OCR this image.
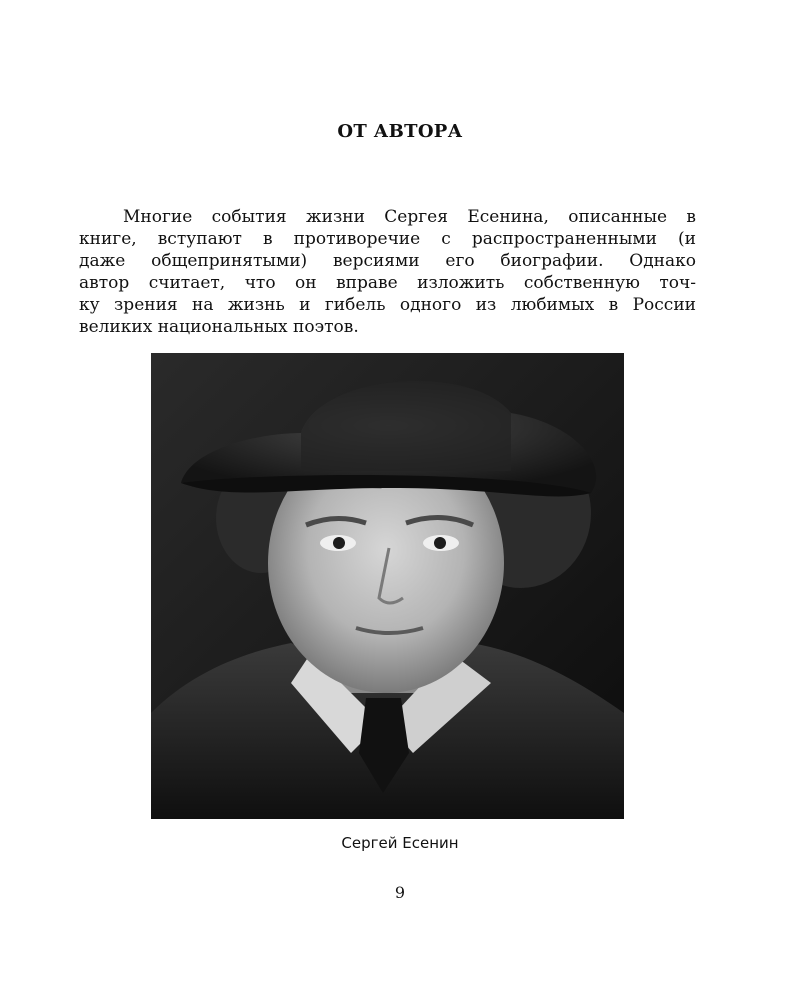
ОТ АВТОРА

Многие события жизни Сергея Есенина, описанные в
книге, вступают в противоречие с распространенными (и
даже общепринятыми) версиями его биографии. Однако
автор считает, что он вправе изложить собственную точ-
ку зрения на жизнь и гибель одного из любимых в России
великих национальных поэтов.

Сергей Есенин

9
